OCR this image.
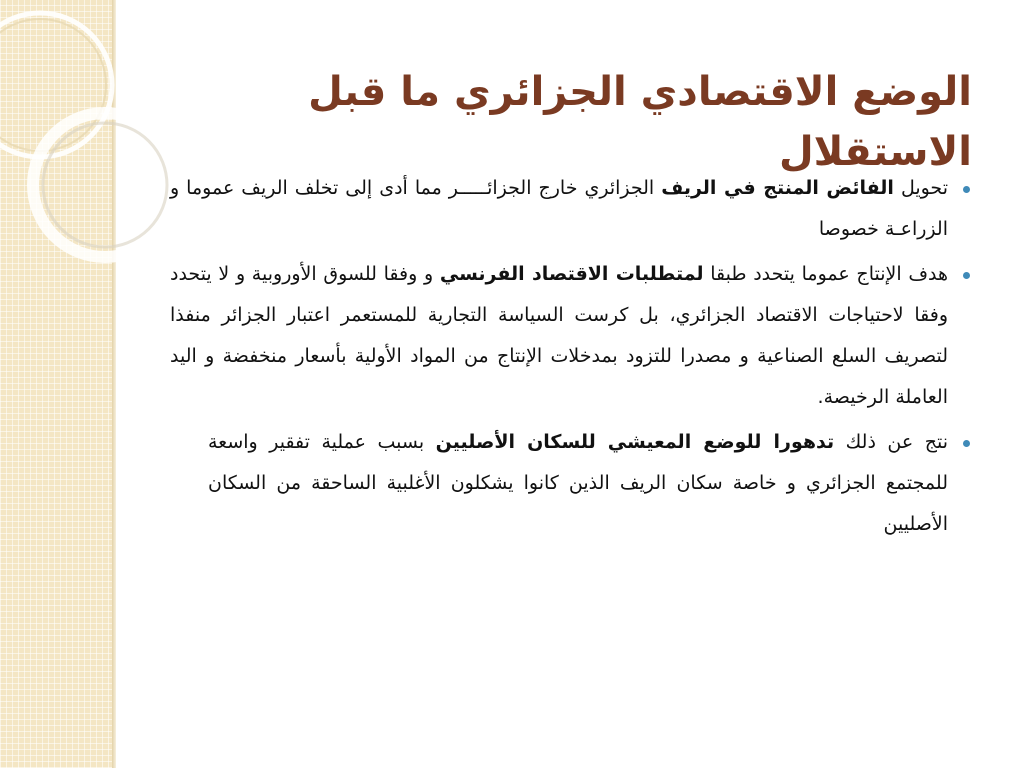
الوضع الاقتصادي الجزائري ما قبل الاستقلال

تحويل الفائض المنتج في الريف الجزائري خارج الجزائـــــر مما أدى إلى تخلف الريف عموما و الزراعـة خصوصا

هدف الإنتاج عموما يتحدد طبقا لمتطلبات الاقتصاد الفرنسي و وفقا للسوق الأوروبية و لا يتحدد وفقا لاحتياجات الاقتصاد الجزائري، بل كرست السياسة التجارية للمستعمر اعتبار الجزائر منفذا لتصريف السلع الصناعية و مصدرا للتزود بمدخلات الإنتاج من المواد الأولية بأسعار منخفضة و اليد العاملة الرخيصة.

نتج عن ذلك تدهورا للوضع المعيشي للسكان الأصليين بسبب عملية تفقير واسعة للمجتمع الجزائري و خاصة سكان الريف الذين كانوا يشكلون الأغلبية الساحقة من السكان الأصليين
